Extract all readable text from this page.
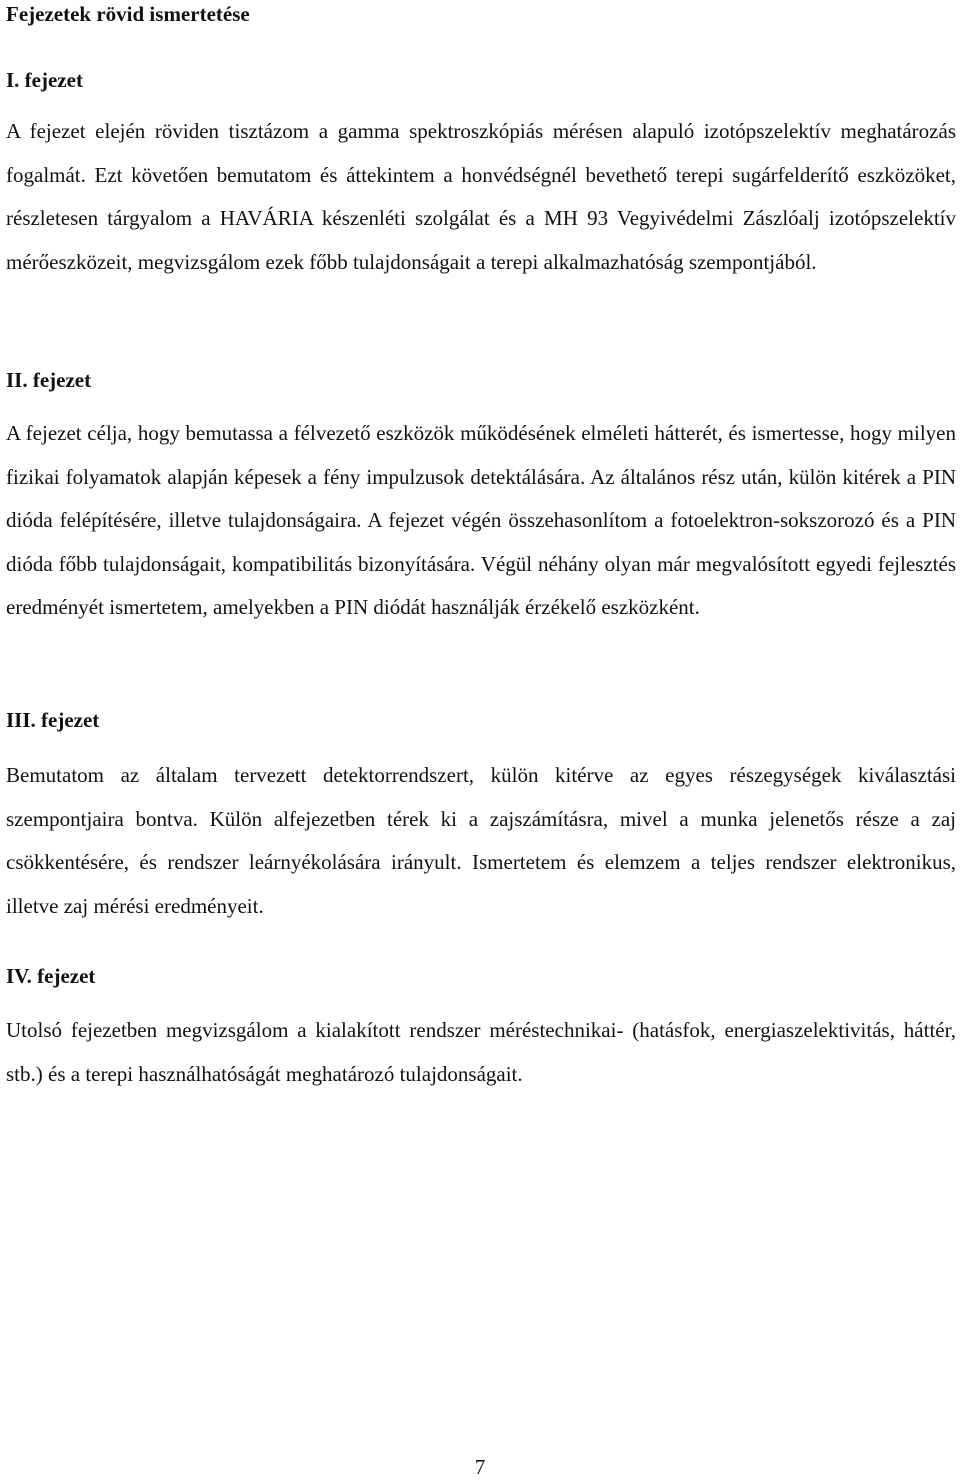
Fejezetek rövid ismertetése
I. fejezet

A fejezet elején röviden tisztázom a gamma spektroszkópiás mérésen alapuló izotópszelektív meghatározás fogalmát. Ezt követően bemutatom és áttekintem a honvédségnél bevethető terepi sugárfelderítő eszközöket, részletesen tárgyalom a HAVÁRIA készenléti szolgálat és a MH 93 Vegyivédelmi Zászlóalj izotópszelektív mérőeszközeit, megvizsgálom ezek főbb tulajdonságait a terepi alkalmazhatóság szempontjából.

II. fejezet

A fejezet célja, hogy bemutassa a félvezető eszközök működésének elméleti hátterét, és ismertesse, hogy milyen fizikai folyamatok alapján képesek a fény impulzusok detektálására. Az általános rész után, külön kitérek a PIN dióda felépítésére, illetve tulajdonságaira. A fejezet végén összehasonlítom a fotoelektron-sokszorozó és a PIN dióda főbb tulajdonságait, kompatibilitás bizonyítására. Végül néhány olyan már megvalósított egyedi fejlesztés eredményét ismertetem, amelyekben a PIN diódát használják érzékelő eszközként.

III. fejezet

Bemutatom az általam tervezett detektorrendszert, külön kitérve az egyes részegységek kiválasztási szempontjaira bontva. Külön alfejezetben térek ki a zajszámításra, mivel a munka jelenetős része a zaj csökkentésére, és rendszer leárnyékolására irányult. Ismertetem és elemzem a teljes rendszer elektronikus, illetve zaj mérési eredményeit.

IV. fejezet

Utolsó fejezetben megvizsgálom a kialakított rendszer méréstechnikai- (hatásfok, energiaszelektivitás, háttér, stb.) és a terepi használhatóságát meghatározó tulajdonságait.

7
